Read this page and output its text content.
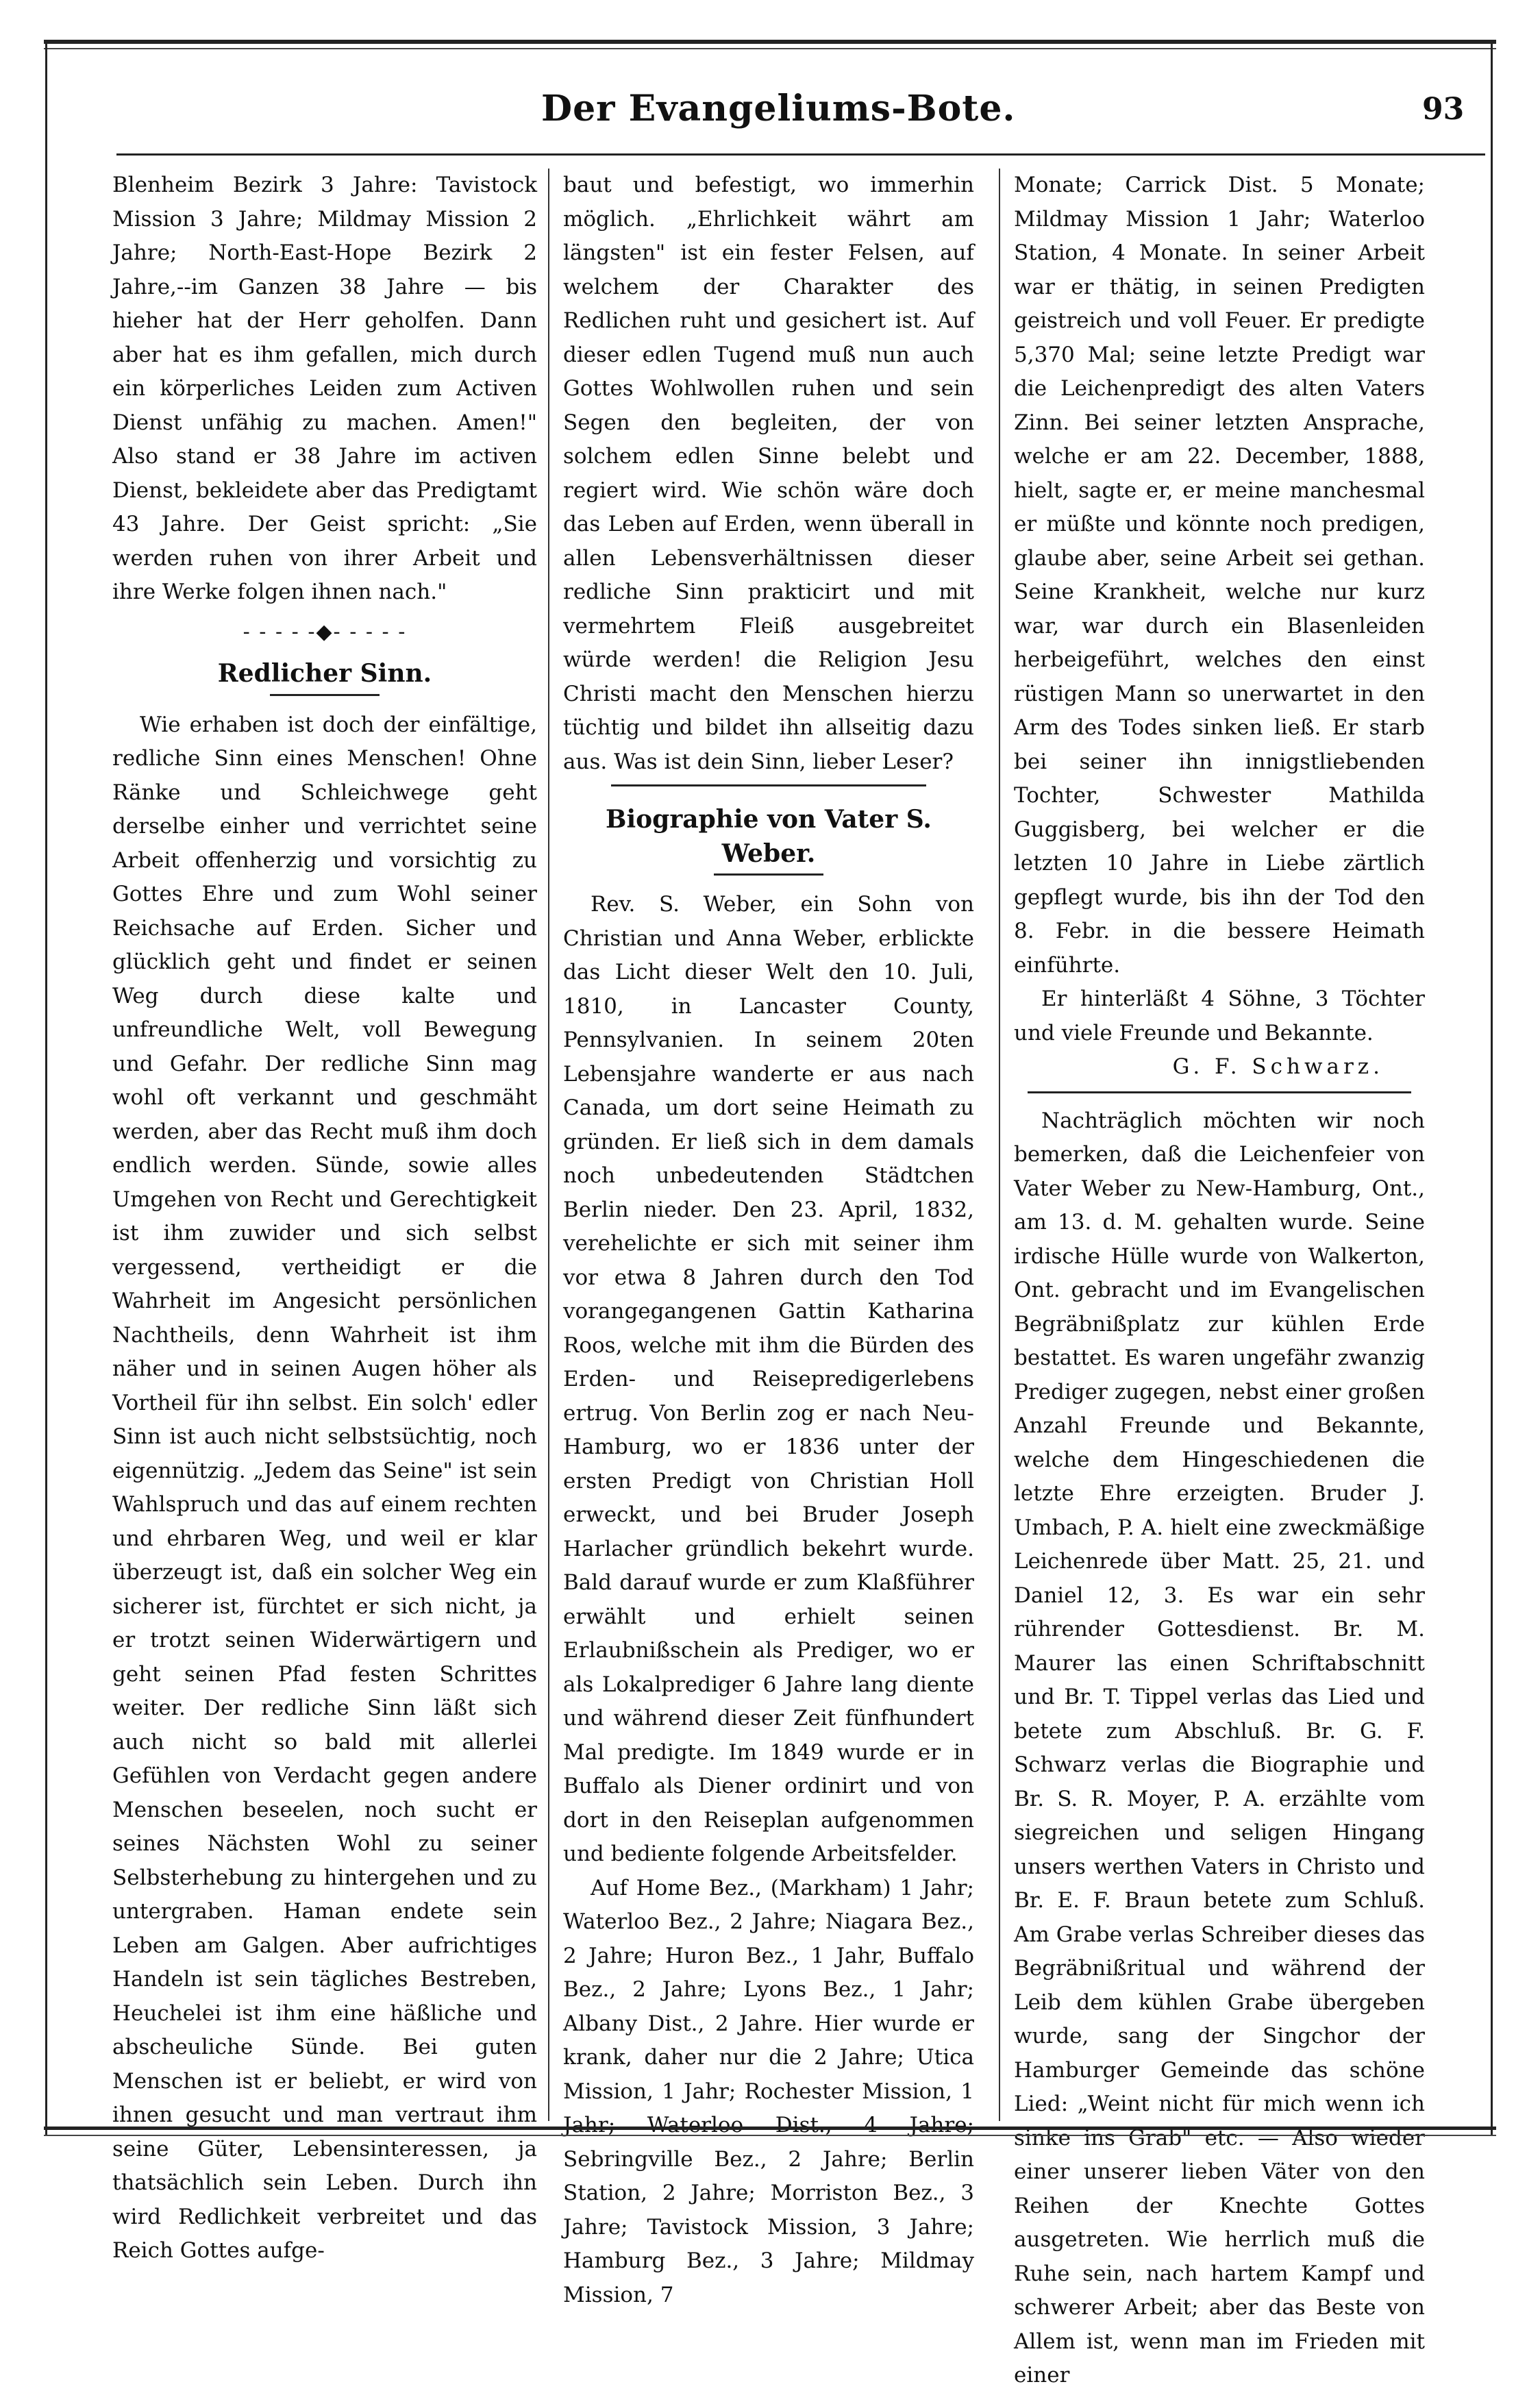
Der Evangeliums-Bote.	93

Blenheim Bezirk 3 Jahre: Tavistock Mission 3 Jahre; Mildmay Mission 2 Jahre; North-East-Hope Bezirk 2 Jahre,--im Ganzen 38 Jahre — bis hieher hat der Herr geholfen. Dann aber hat es ihm gefallen, mich durch ein körperliches Leiden zum Activen Dienst unfähig zu machen. Amen!" Also stand er 38 Jahre im activen Dienst, bekleidete aber das Predigtamt 43 Jahre. Der Geist spricht: „Sie werden ruhen von ihrer Arbeit und ihre Werke folgen ihnen nach."

- - - - -◆- - - - -
Redlicher Sinn.

Wie erhaben ist doch der einfältige, redliche Sinn eines Menschen! Ohne Ränke und Schleichwege geht derselbe einher und verrichtet seine Arbeit offenherzig und vorsichtig zu Gottes Ehre und zum Wohl seiner Reichsache auf Erden. Sicher und glücklich geht und findet er seinen Weg durch diese kalte und unfreundliche Welt, voll Bewegung und Gefahr. Der redliche Sinn mag wohl oft verkannt und geschmäht werden, aber das Recht muß ihm doch endlich werden. Sünde, sowie alles Umgehen von Recht und Gerechtigkeit ist ihm zuwider und sich selbst vergessend, vertheidigt er die Wahrheit im Angesicht persönlichen Nachtheils, denn Wahrheit ist ihm näher und in seinen Augen höher als Vortheil für ihn selbst. Ein solch' edler Sinn ist auch nicht selbstsüchtig, noch eigennützig. „Jedem das Seine" ist sein Wahlspruch und das auf einem rechten und ehrbaren Weg, und weil er klar überzeugt ist, daß ein solcher Weg ein sicherer ist, fürchtet er sich nicht, ja er trotzt seinen Widerwärtigern und geht seinen Pfad festen Schrittes weiter. Der redliche Sinn läßt sich auch nicht so bald mit allerlei Gefühlen von Verdacht gegen andere Menschen beseelen, noch sucht er seines Nächsten Wohl zu seiner Selbsterhebung zu hintergehen und zu untergraben. Haman endete sein Leben am Galgen. Aber aufrichtiges Handeln ist sein tägliches Bestreben, Heuchelei ist ihm eine häßliche und abscheuliche Sünde. Bei guten Menschen ist er beliebt, er wird von ihnen gesucht und man vertraut ihm seine Güter, Lebensinteressen, ja thatsächlich sein Leben. Durch ihn wird Redlichkeit verbreitet und das Reich Gottes aufge-

baut und befestigt, wo immerhin möglich. „Ehrlichkeit währt am längsten" ist ein fester Felsen, auf welchem der Charakter des Redlichen ruht und gesichert ist. Auf dieser edlen Tugend muß nun auch Gottes Wohlwollen ruhen und sein Segen den begleiten, der von solchem edlen Sinne belebt und regiert wird. Wie schön wäre doch das Leben auf Erden, wenn überall in allen Lebensverhältnissen dieser redliche Sinn prakticirt und mit vermehrtem Fleiß ausgebreitet würde werden! die Religion Jesu Christi macht den Menschen hierzu tüchtig und bildet ihn allseitig dazu aus. Was ist dein Sinn, lieber Leser?

Biographie von Vater S. Weber.

Rev. S. Weber, ein Sohn von Christian und Anna Weber, erblickte das Licht dieser Welt den 10. Juli, 1810, in Lancaster County, Pennsylvanien. In seinem 20ten Lebensjahre wanderte er aus nach Canada, um dort seine Heimath zu gründen. Er ließ sich in dem damals noch unbedeutenden Städtchen Berlin nieder. Den 23. April, 1832, verehelichte er sich mit seiner ihm vor etwa 8 Jahren durch den Tod vorangegangenen Gattin Katharina Roos, welche mit ihm die Bürden des Erden- und Reisepredigerlebens ertrug. Von Berlin zog er nach Neu-Hamburg, wo er 1836 unter der ersten Predigt von Christian Holl erweckt, und bei Bruder Joseph Harlacher gründlich bekehrt wurde. Bald darauf wurde er zum Klaßführer erwählt und erhielt seinen Erlaubnißschein als Prediger, wo er als Lokalprediger 6 Jahre lang diente und während dieser Zeit fünfhundert Mal predigte. Im 1849 wurde er in Buffalo als Diener ordinirt und von dort in den Reiseplan aufgenommen und bediente folgende Arbeitsfelder.

Auf Home Bez., (Markham) 1 Jahr; Waterloo Bez., 2 Jahre; Niagara Bez., 2 Jahre; Huron Bez., 1 Jahr, Buffalo Bez., 2 Jahre; Lyons Bez., 1 Jahr; Albany Dist., 2 Jahre. Hier wurde er krank, daher nur die 2 Jahre; Utica Mission, 1 Jahr; Rochester Mission, 1 Jahr; Waterloo Dist., 4 Jahre; Sebringville Bez., 2 Jahre; Berlin Station, 2 Jahre; Morriston Bez., 3 Jahre; Tavistock Mission, 3 Jahre; Hamburg Bez., 3 Jahre; Mildmay Mission, 7

Monate; Carrick Dist. 5 Monate; Mildmay Mission 1 Jahr; Waterloo Station, 4 Monate. In seiner Arbeit war er thätig, in seinen Predigten geistreich und voll Feuer. Er predigte 5,370 Mal; seine letzte Predigt war die Leichenpredigt des alten Vaters Zinn. Bei seiner letzten Ansprache, welche er am 22. December, 1888, hielt, sagte er, er meine manchesmal er müßte und könnte noch predigen, glaube aber, seine Arbeit sei gethan. Seine Krankheit, welche nur kurz war, war durch ein Blasenleiden herbeigeführt, welches den einst rüstigen Mann so unerwartet in den Arm des Todes sinken ließ. Er starb bei seiner ihn innigstliebenden Tochter, Schwester Mathilda Guggisberg, bei welcher er die letzten 10 Jahre in Liebe zärtlich gepflegt wurde, bis ihn der Tod den 8. Febr. in die bessere Heimath einführte.

Er hinterläßt 4 Söhne, 3 Töchter und viele Freunde und Bekannte.

G. F. Schwarz.

Nachträglich möchten wir noch bemerken, daß die Leichenfeier von Vater Weber zu New-Hamburg, Ont., am 13. d. M. gehalten wurde. Seine irdische Hülle wurde von Walkerton, Ont. gebracht und im Evangelischen Begräbnißplatz zur kühlen Erde bestattet. Es waren ungefähr zwanzig Prediger zugegen, nebst einer großen Anzahl Freunde und Bekannte, welche dem Hingeschiedenen die letzte Ehre erzeigten. Bruder J. Umbach, P. A. hielt eine zweckmäßige Leichenrede über Matt. 25, 21. und Daniel 12, 3. Es war ein sehr rührender Gottesdienst. Br. M. Maurer las einen Schriftabschnitt und Br. T. Tippel verlas das Lied und betete zum Abschluß. Br. G. F. Schwarz verlas die Biographie und Br. S. R. Moyer, P. A. erzählte vom siegreichen und seligen Hingang unsers werthen Vaters in Christo und Br. E. F. Braun betete zum Schluß. Am Grabe verlas Schreiber dieses das Begräbnißritual und während der Leib dem kühlen Grabe übergeben wurde, sang der Singchor der Hamburger Gemeinde das schöne Lied: „Weint nicht für mich wenn ich sinke ins Grab" etc. — Also wieder einer unserer lieben Väter von den Reihen der Knechte Gottes ausgetreten. Wie herrlich muß die Ruhe sein, nach hartem Kampf und schwerer Arbeit; aber das Beste von Allem ist, wenn man im Frieden mit einer
